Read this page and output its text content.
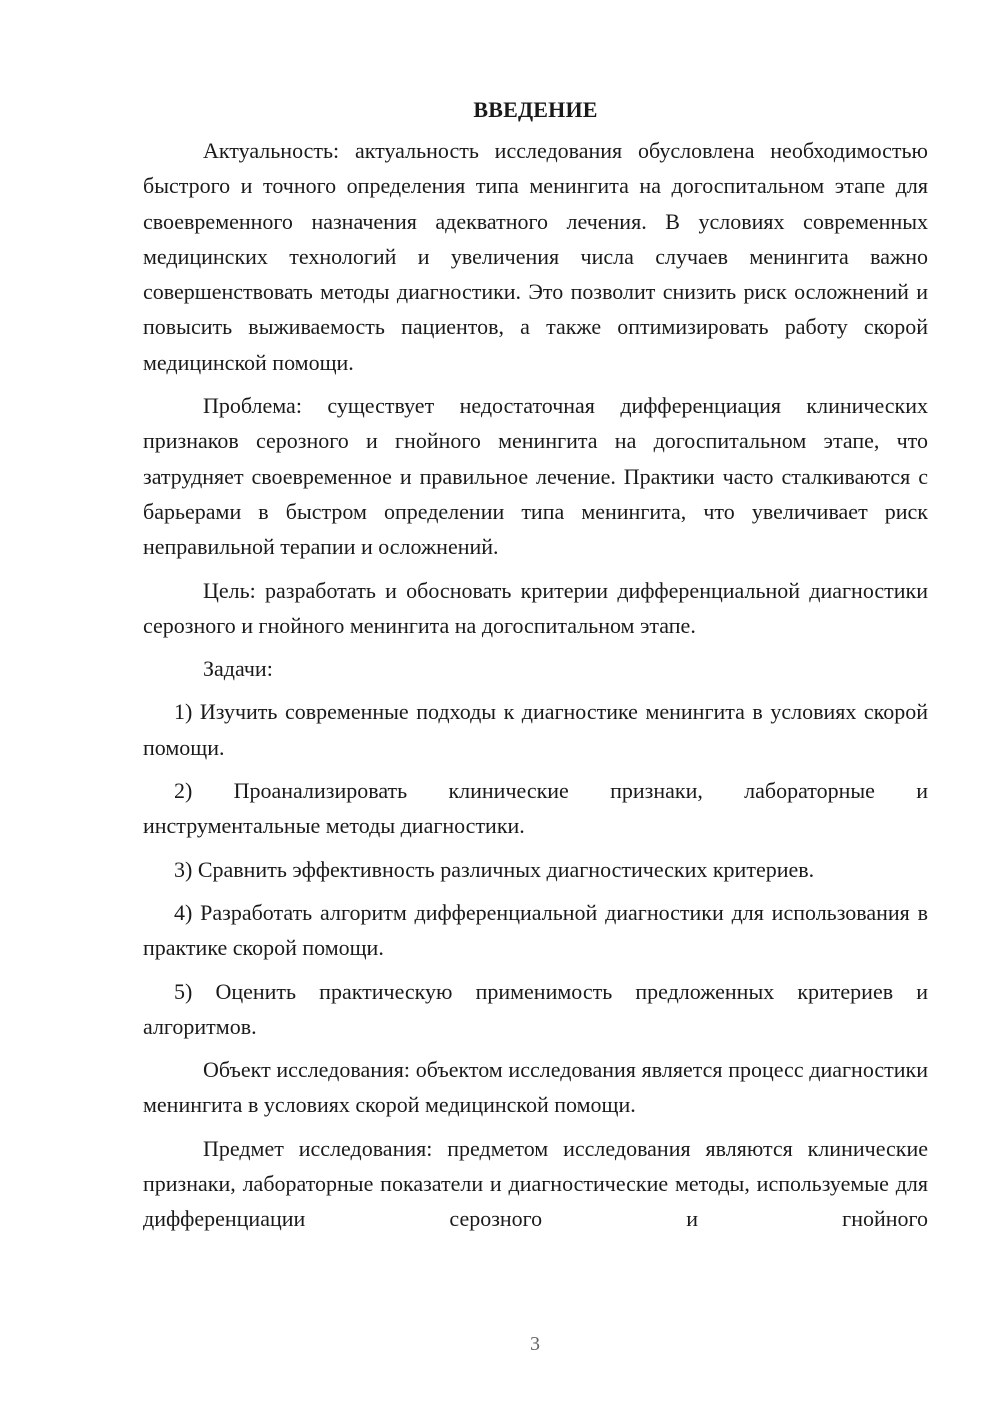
ВВЕДЕНИЕ

Актуальность: актуальность исследования обусловлена необходимостью быстрого и точного определения типа менингита на догоспитальном этапе для своевременного назначения адекватного лечения. В условиях современных медицинских технологий и увеличения числа случаев менингита важно совершенствовать методы диагностики. Это позволит снизить риск осложнений и повысить выживаемость пациентов, а также оптимизировать работу скорой медицинской помощи.

Проблема: существует недостаточная дифференциация клинических признаков серозного и гнойного менингита на догоспитальном этапе, что затрудняет своевременное и правильное лечение. Практики часто сталкиваются с барьерами в быстром определении типа менингита, что увеличивает риск неправильной терапии и осложнений.

Цель: разработать и обосновать критерии дифференциальной диагностики серозного и гнойного менингита на догоспитальном этапе.

Задачи:

1) Изучить современные подходы к диагностике менингита в условиях скорой помощи.

2) Проанализировать клинические признаки, лабораторные и инструментальные методы диагностики.

3) Сравнить эффективность различных диагностических критериев.

4) Разработать алгоритм дифференциальной диагностики для использования в практике скорой помощи.

5) Оценить практическую применимость предложенных критериев и алгоритмов.

Объект исследования: объектом исследования является процесс диагностики менингита в условиях скорой медицинской помощи.

Предмет исследования: предметом исследования являются клинические признаки, лабораторные показатели и диагностические методы, используемые для дифференциации серозного и гнойного

3
